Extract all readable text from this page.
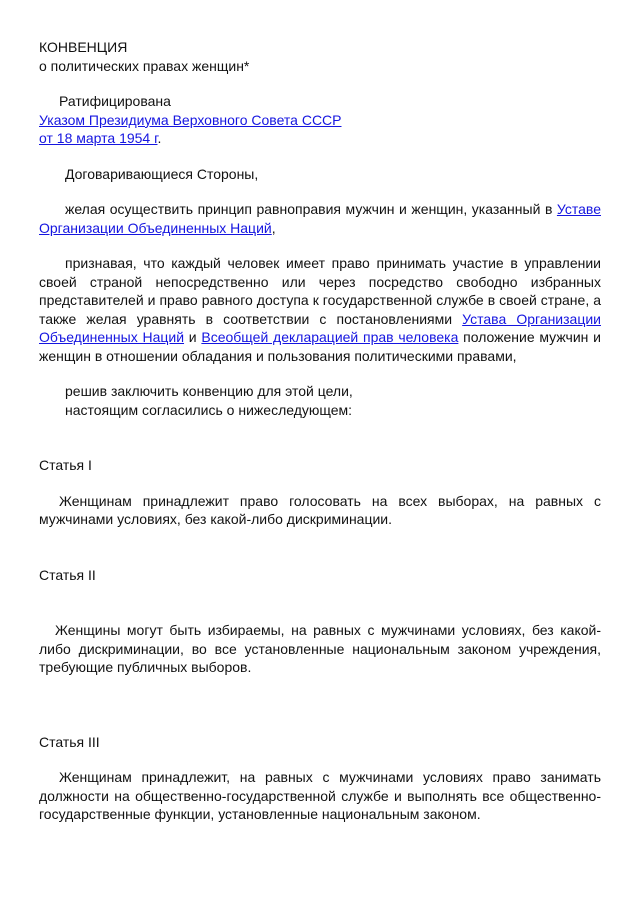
КОНВЕНЦИЯ

о политических правах женщин*

Ратифицирована

Указом Президиума Верховного Совета СССР
от 18 марта 1954 г.

Договаривающиеся Стороны,

желая осуществить принцип равноправия мужчин и женщин, указанный в Уставе Организации Объединенных Наций,

признавая, что каждый человек имеет право принимать участие в управлении своей страной непосредственно или через посредство свободно избранных представителей и право равного доступа к государственной службе в своей стране, а также желая уравнять в соответствии с постановлениями Устава Организации Объединенных Наций и Всеобщей декларацией прав человека положение мужчин и женщин в отношении обладания и пользования политическими правами,

решив заключить конвенцию для этой цели,

настоящим согласились о нижеследующем:

Статья I

Женщинам принадлежит право голосовать на всех выборах, на равных с мужчинами условиях, без какой-либо дискриминации.

Статья II

Женщины могут быть избираемы, на равных с мужчинами условиях, без какой-либо дискриминации, во все установленные национальным законом учреждения, требующие публичных выборов.

Статья III

Женщинам принадлежит, на равных с мужчинами условиях право занимать должности на общественно-государственной службе и выполнять все общественно-государственные функции, установленные национальным законом.
